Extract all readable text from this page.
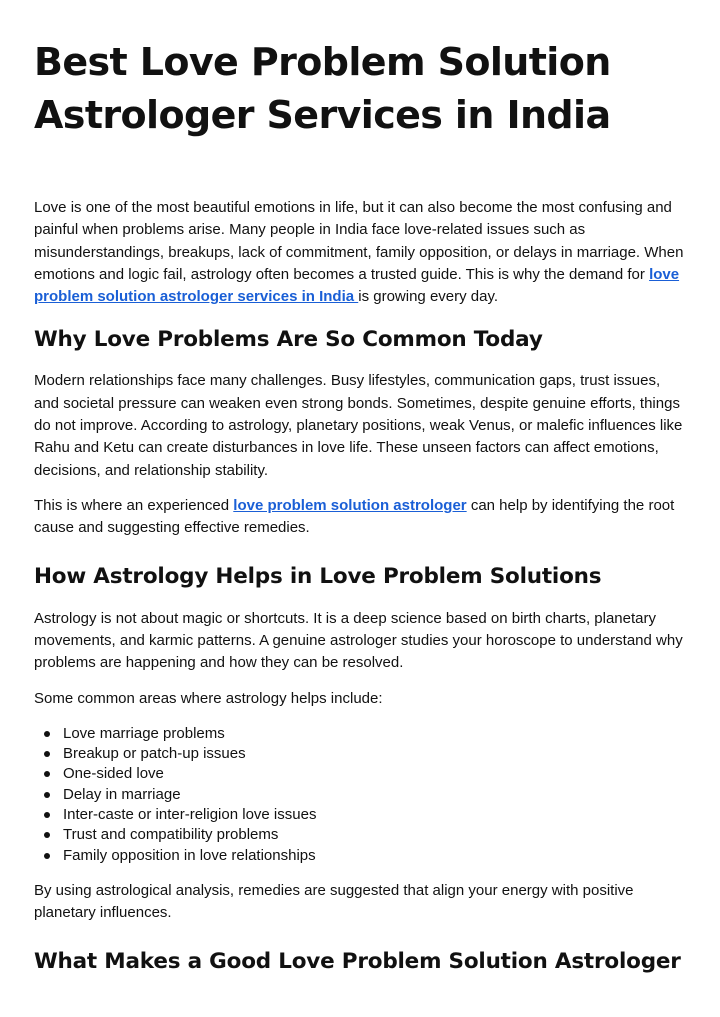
Best Love Problem Solution Astrologer Services in India

Love is one of the most beautiful emotions in life, but it can also become the most confusing and painful when problems arise. Many people in India face love-related issues such as misunderstandings, breakups, lack of commitment, family opposition, or delays in marriage. When emotions and logic fail, astrology often becomes a trusted guide. This is why the demand for love problem solution astrologer services in India is growing every day.

Why Love Problems Are So Common Today

Modern relationships face many challenges. Busy lifestyles, communication gaps, trust issues, and societal pressure can weaken even strong bonds. Sometimes, despite genuine efforts, things do not improve. According to astrology, planetary positions, weak Venus, or malefic influences like Rahu and Ketu can create disturbances in love life. These unseen factors can affect emotions, decisions, and relationship stability.

This is where an experienced love problem solution astrologer can help by identifying the root cause and suggesting effective remedies.

How Astrology Helps in Love Problem Solutions

Astrology is not about magic or shortcuts. It is a deep science based on birth charts, planetary movements, and karmic patterns. A genuine astrologer studies your horoscope to understand why problems are happening and how they can be resolved.

Some common areas where astrology helps include:

Love marriage problems
Breakup or patch-up issues
One-sided love
Delay in marriage
Inter-caste or inter-religion love issues
Trust and compatibility problems
Family opposition in love relationships

By using astrological analysis, remedies are suggested that align your energy with positive planetary influences.

What Makes a Good Love Problem Solution Astrologer
